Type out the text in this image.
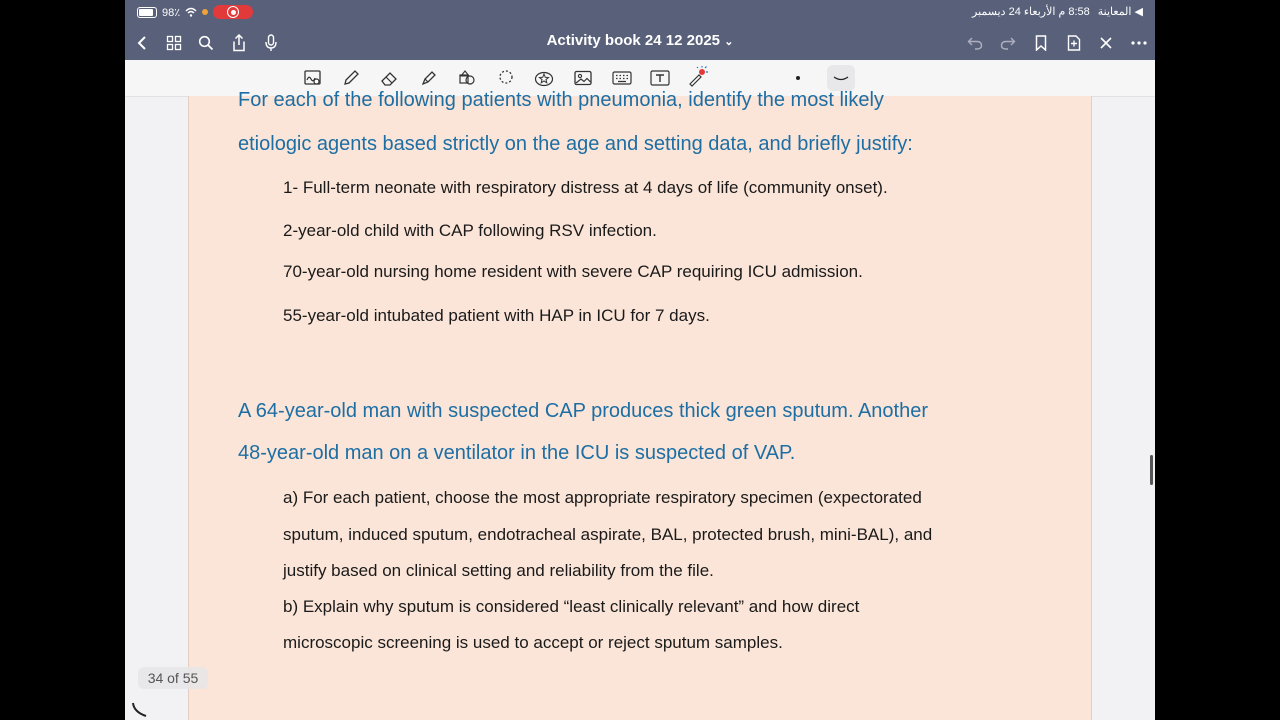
98٪	◀ المعاينة
8:58 م الأربعاء 24 ديسمبر
Activity book 24 12 2025 ⌄
For each of the following patients with pneumonia, identify the most likely
etiologic agents based strictly on the age and setting data, and briefly justify:
1- Full-term neonate with respiratory distress at 4 days of life (community onset).
2-year-old child with CAP following RSV infection.
70-year-old nursing home resident with severe CAP requiring ICU admission.
55-year-old intubated patient with HAP in ICU for 7 days.
A 64-year-old man with suspected CAP produces thick green sputum. Another
48-year-old man on a ventilator in the ICU is suspected of VAP.
a) For each patient, choose the most appropriate respiratory specimen (expectorated
sputum, induced sputum, endotracheal aspirate, BAL, protected brush, mini-BAL), and
justify based on clinical setting and reliability from the file.
b) Explain why sputum is considered “least clinically relevant” and how direct
microscopic screening is used to accept or reject sputum samples.
34 of 55
